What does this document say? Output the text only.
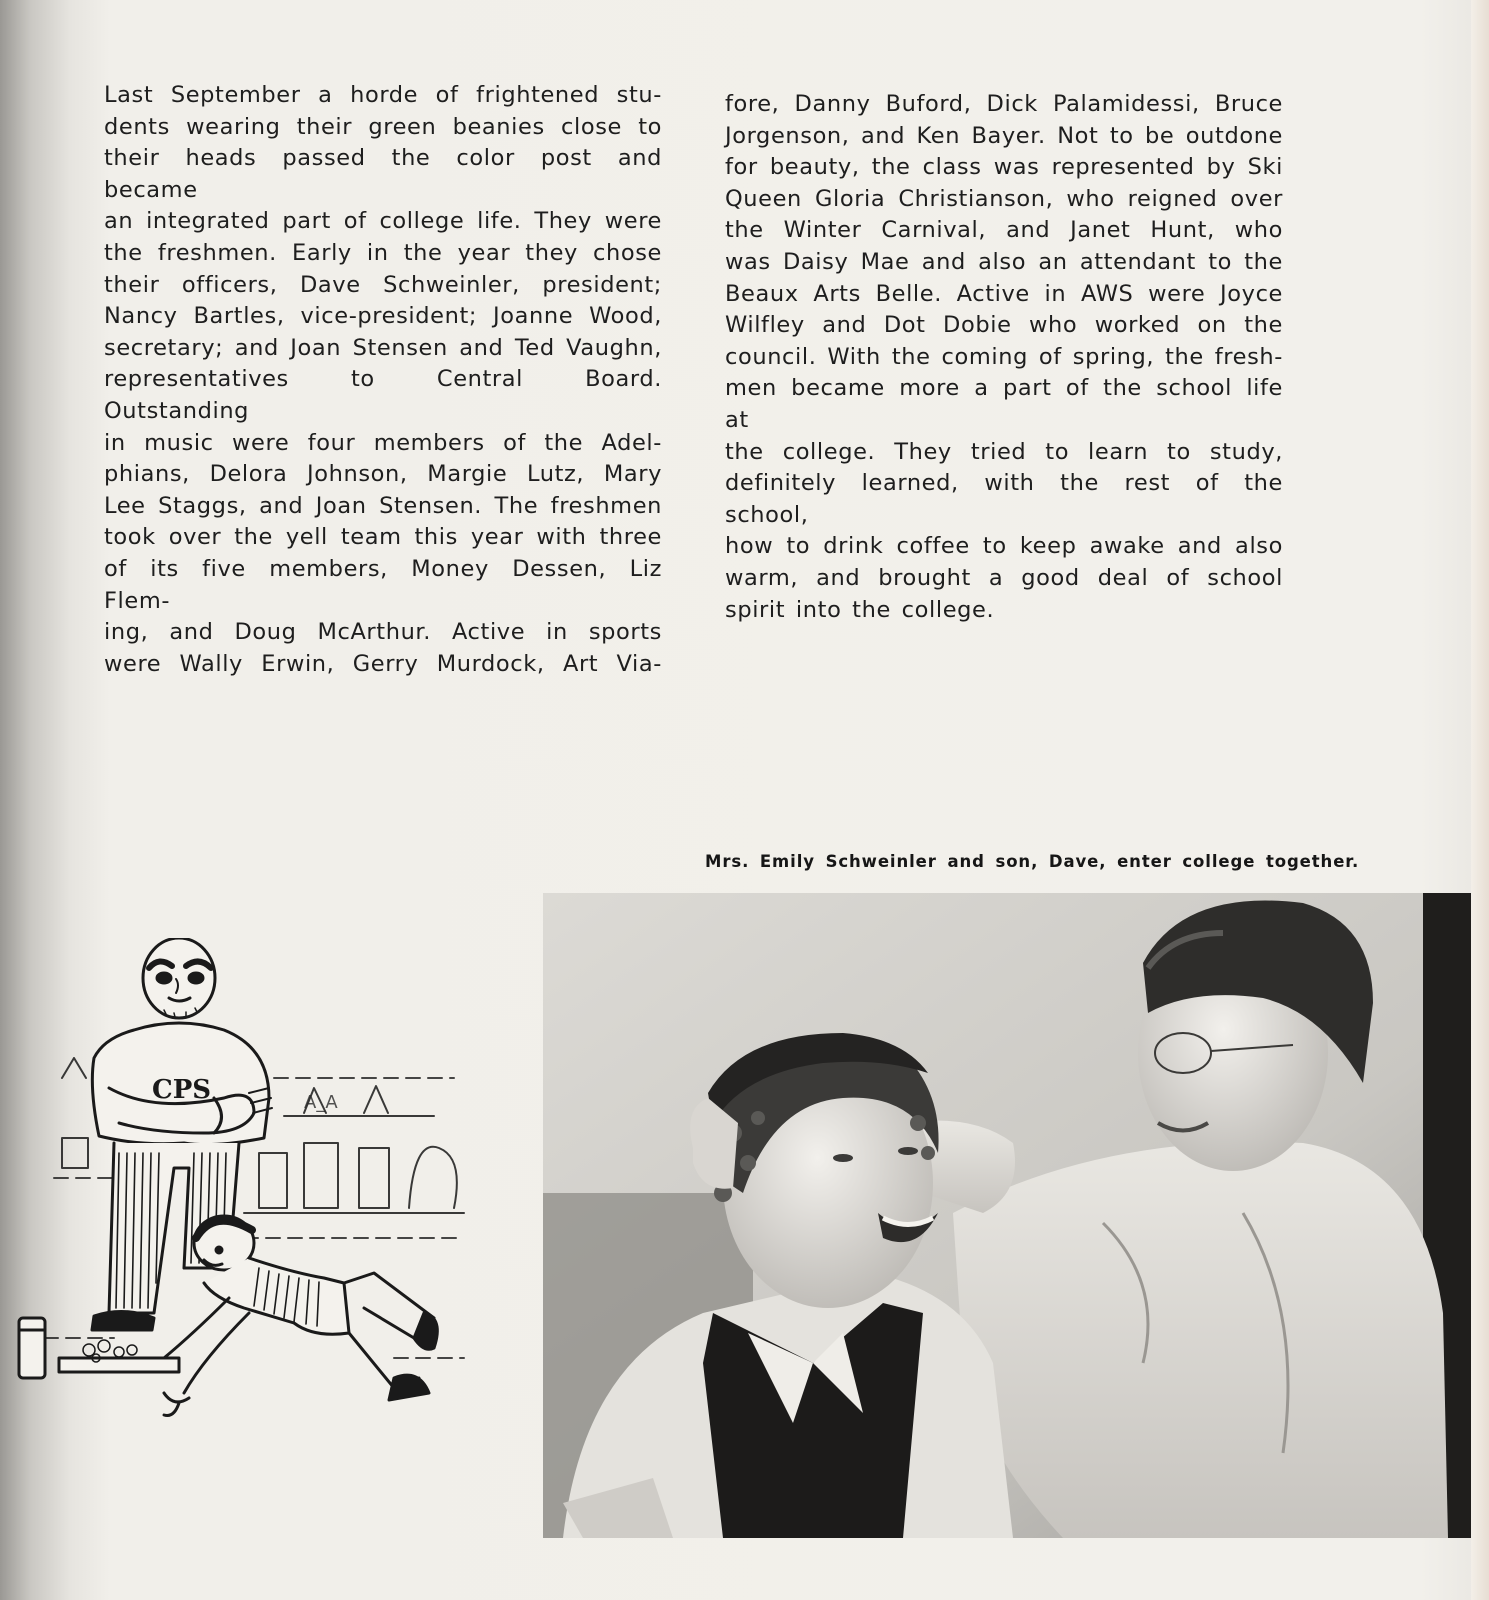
Last September a horde of frightened stu-

dents wearing their green beanies close to

their heads passed the color post and became

an integrated part of college life. They were

the freshmen. Early in the year they chose

their officers, Dave Schweinler, president;

Nancy Bartles, vice-president; Joanne Wood,

secretary; and Joan Stensen and Ted Vaughn,

representatives to Central Board. Outstanding

in music were four members of the Adel-

phians, Delora Johnson, Margie Lutz, Mary

Lee Staggs, and Joan Stensen. The freshmen

took over the yell team this year with three

of its five members, Money Dessen, Liz Flem-

ing, and Doug McArthur. Active in sports

were Wally Erwin, Gerry Murdock, Art Via-

fore, Danny Buford, Dick Palamidessi, Bruce

Jorgenson, and Ken Bayer. Not to be outdone

for beauty, the class was represented by Ski

Queen Gloria Christianson, who reigned over

the Winter Carnival, and Janet Hunt, who

was Daisy Mae and also an attendant to the

Beaux Arts Belle. Active in AWS were Joyce

Wilfley and Dot Dobie who worked on the

council. With the coming of spring, the fresh-

men became more a part of the school life at

the college. They tried to learn to study,

definitely learned, with the rest of the school,

how to drink coffee to keep awake and also

warm, and brought a good deal of school

spirit into the college.

Mrs. Emily Schweinler and son, Dave, enter college together.
CPS	A_A
